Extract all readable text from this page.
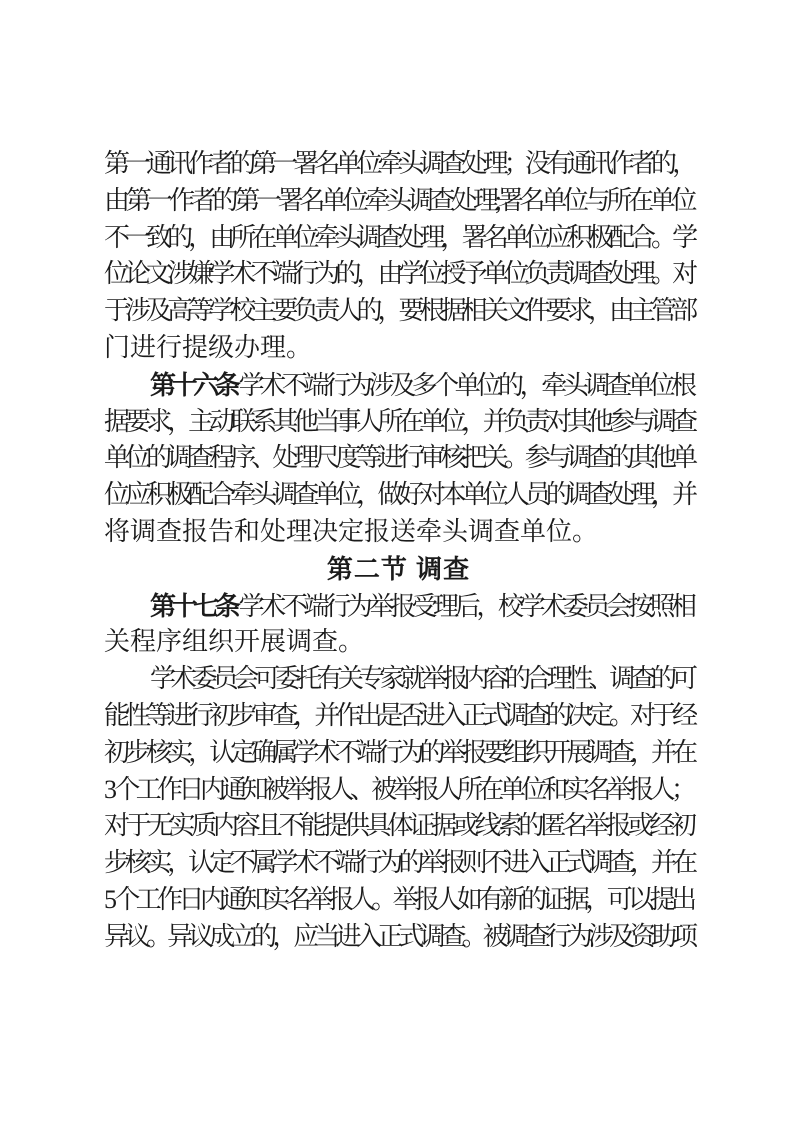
第一通讯作者的第一署名单位牵头调查处理；没有通讯作者的，
由第一作者的第一署名单位牵头调查处理;署名单位与所在单位
不一致的，由所在单位牵头调查处理，署名单位应积极配合。学
位论文涉嫌学术不端行为的，由学位授予单位负责调查处理。对
于涉及高等学校主要负责人的，要根据相关文件要求，由主管部
门进行提级办理。
第十六条 学术不端行为涉及多个单位的，牵头调查单位根
据要求，主动联系其他当事人所在单位，并负责对其他参与调查
单位的调查程序、处理尺度等进行审核把关。参与调查的其他单
位应积极配合牵头调查单位，做好对本单位人员的调查处理，并
将调查报告和处理决定报送牵头调查单位。
第二节 调查
第十七条 学术不端行为举报受理后，校学术委员会按照相
关程序组织开展调查。
学术委员会可委托有关专家就举报内容的合理性、调查的可
能性等进行初步审查，并作出是否进入正式调查的决定。对于经
初步核实，认定确属学术不端行为的举报要组织开展调查，并在
3 个工作日内通知被举报人、被举报人所在单位和实名举报人；
对于无实质内容且不能提供具体证据或线索的匿名举报或经初
步核实，认定不属学术不端行为的举报则不进入正式调查，并在
5 个工作日内通知实名举报人。举报人如有新的证据，可以提出
异议。异议成立的，应当进入正式调查。被调查行为涉及资助项
